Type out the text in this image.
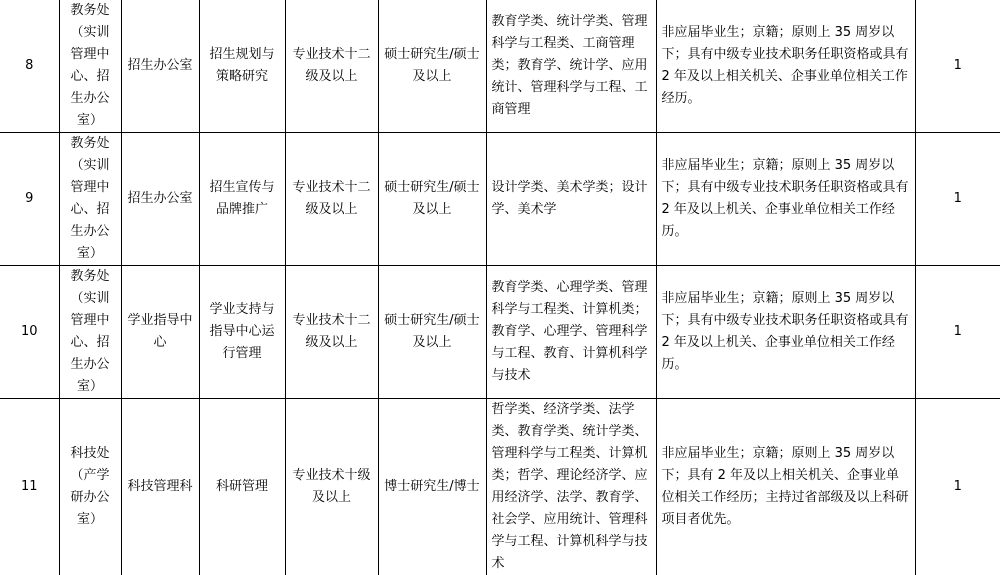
8	教务处（实训管理中心、招生办公室）	招生办公室	招生规划与策略研究	专业技术十二级及以上	硕士研究生/硕士及以上	教育学类、统计学类、管理科学与工程类、工商管理类；教育学、统计学、应用统计、管理科学与工程、工商管理	非应届毕业生；京籍；原则上 35 周岁以下；具有中级专业技术职务任职资格或具有 2 年及以上相关机关、企事业单位相关工作经历。	1
9	教务处（实训管理中心、招生办公室）	招生办公室	招生宣传与品牌推广	专业技术十二级及以上	硕士研究生/硕士及以上	设计学类、美术学类；设计学、美术学	非应届毕业生；京籍；原则上 35 周岁以下；具有中级专业技术职务任职资格或具有 2 年及以上机关、企事业单位相关工作经历。	1
10	教务处（实训管理中心、招生办公室）	学业指导中心	学业支持与指导中心运行管理	专业技术十二级及以上	硕士研究生/硕士及以上	教育学类、心理学类、管理科学与工程类、计算机类；教育学、心理学、管理科学与工程、教育、计算机科学与技术	非应届毕业生；京籍；原则上 35 周岁以下；具有中级专业技术职务任职资格或具有 2 年及以上机关、企事业单位相关工作经历。	1
11	科技处（产学研办公室）	科技管理科	科研管理	专业技术十级及以上	博士研究生/博士	哲学类、经济学类、法学类、教育学类、统计学类、管理科学与工程类、计算机类；哲学、理论经济学、应用经济学、法学、教育学、社会学、应用统计、管理科学与工程、计算机科学与技术	非应届毕业生；京籍；原则上 35 周岁以下；具有 2 年及以上相关机关、企事业单位相关工作经历；主持过省部级及以上科研项目者优先。	1
